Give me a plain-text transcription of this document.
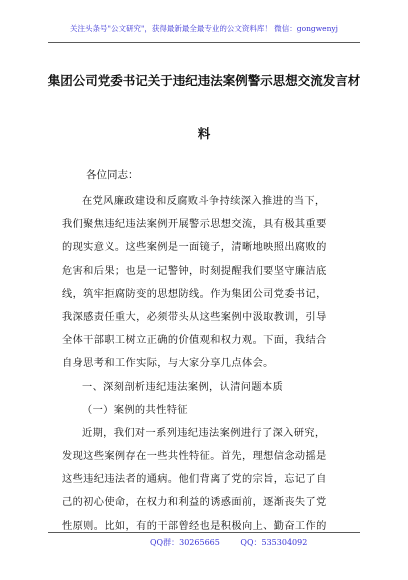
关注头条号"公文研究"，获得最新最全最专业的公文资料库！ 微信：gongwenyj
集团公司党委书记关于违纪违法案例警示思想交流发言材
料
各位同志：
在党风廉政建设和反腐败斗争持续深入推进的当下，
我们聚焦违纪违法案例开展警示思想交流，具有极其重要
的现实意义。这些案例是一面镜子，清晰地映照出腐败的
危害和后果；也是一记警钟，时刻提醒我们要坚守廉洁底
线，筑牢拒腐防变的思想防线。作为集团公司党委书记，
我深感责任重大，必须带头从这些案例中汲取教训，引导
全体干部职工树立正确的价值观和权力观。下面，我结合
自身思考和工作实际，与大家分享几点体会。
一、深刻剖析违纪违法案例，认清问题本质
（一）案例的共性特征
近期，我们对一系列违纪违法案例进行了深入研究，
发现这些案例存在一些共性特征。首先，理想信念动摇是
这些违纪违法者的通病。他们背离了党的宗旨，忘记了自
己的初心使命，在权力和利益的诱惑面前，逐渐丧失了党
性原则。比如，有的干部曾经也是积极向上、勤奋工作的
QQ群：30265665	QQ：535304092
